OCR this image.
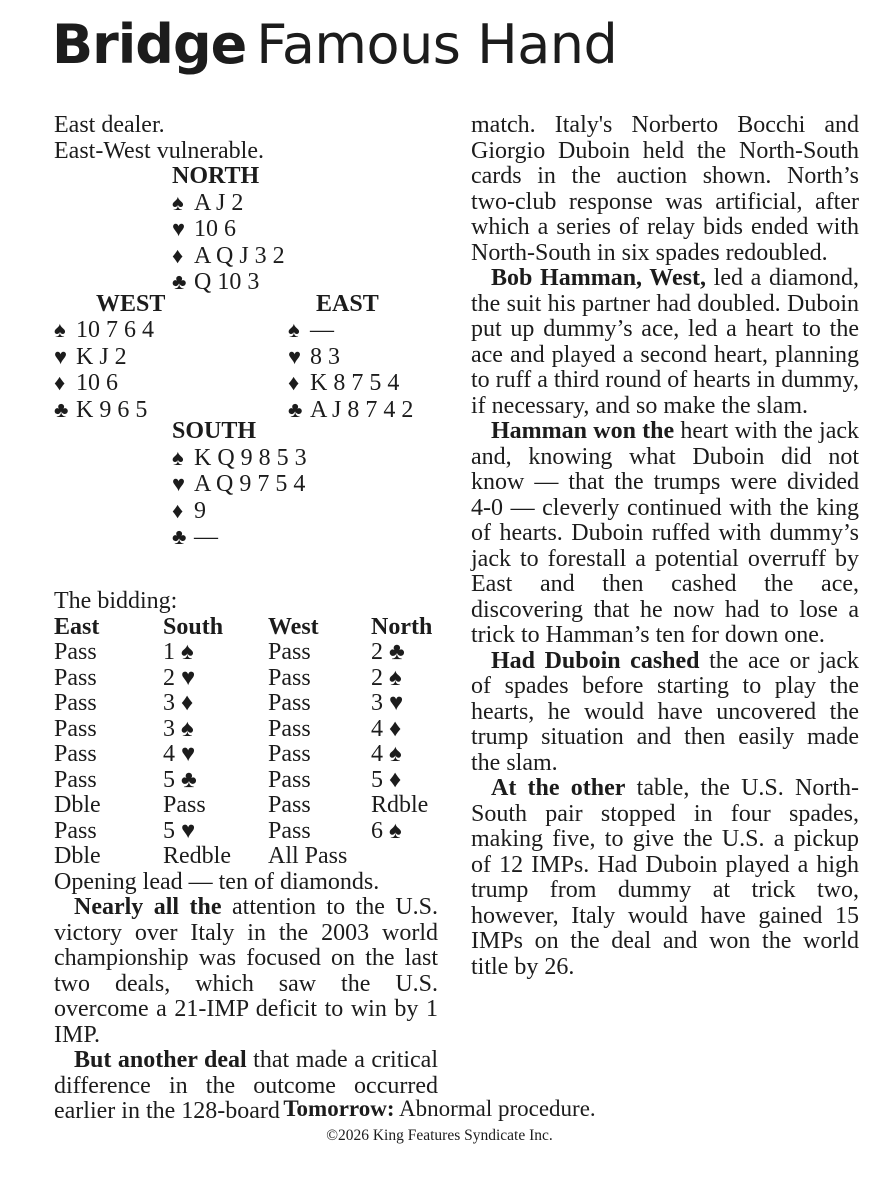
Bridge Famous Hand
East dealer.
East-West vulnerable.
NORTH
♠ A J 2
♥ 10 6
♦ A Q J 3 2
♣ Q 10 3
WEST
♠ 10 7 6 4
♥ K J 2
♦ 10 6
♣ K 9 6 5
EAST
♠ —
♥ 8 3
♦ K 8 7 5 4
♣ A J 8 7 4 2
SOUTH
♠ K Q 9 8 5 3
♥ A Q 9 7 5 4
♦ 9
♣ —
The bidding:
East	South	West	North
Pass	1 ♠	Pass	2 ♣
Pass	2 ♥	Pass	2 ♠
Pass	3 ♦	Pass	3 ♥
Pass	3 ♠	Pass	4 ♦
Pass	4 ♥	Pass	4 ♠
Pass	5 ♣	Pass	5 ♦
Dble	Pass	Pass	Rdble
Pass	5 ♥	Pass	6 ♠
Dble	Redble	All Pass
Opening lead — ten of diamonds.
Nearly all the attention to the U.S. victory over Italy in the 2003 world championship was focused on the last two deals, which saw the U.S. overcome a 21-IMP deficit to win by 1 IMP.
But another deal that made a critical difference in the outcome occurred earlier in the 128-board
match. Italy's Norberto Bocchi and Giorgio Duboin held the North-South cards in the auction shown. North’s two-club response was artificial, after which a series of relay bids ended with North-South in six spades redoubled.
Bob Hamman, West, led a diamond, the suit his partner had doubled. Duboin put up dummy’s ace, led a heart to the ace and played a second heart, planning to ruff a third round of hearts in dummy, if necessary, and so make the slam.
Hamman won the heart with the jack and, knowing what Duboin did not know — that the trumps were divided 4-0 — cleverly continued with the king of hearts. Duboin ruffed with dummy’s jack to forestall a potential overruff by East and then cashed the ace, discovering that he now had to lose a trick to Hamman’s ten for down one.
Had Duboin cashed the ace or jack of spades before starting to play the hearts, he would have uncovered the trump situation and then easily made the slam.
At the other table, the U.S. North-South pair stopped in four spades, making five, to give the U.S. a pickup of 12 IMPs. Had Duboin played a high trump from dummy at trick two, however, Italy would have gained 15 IMPs on the deal and won the world title by 26.
Tomorrow: Abnormal procedure.
©2026 King Features Syndicate Inc.
